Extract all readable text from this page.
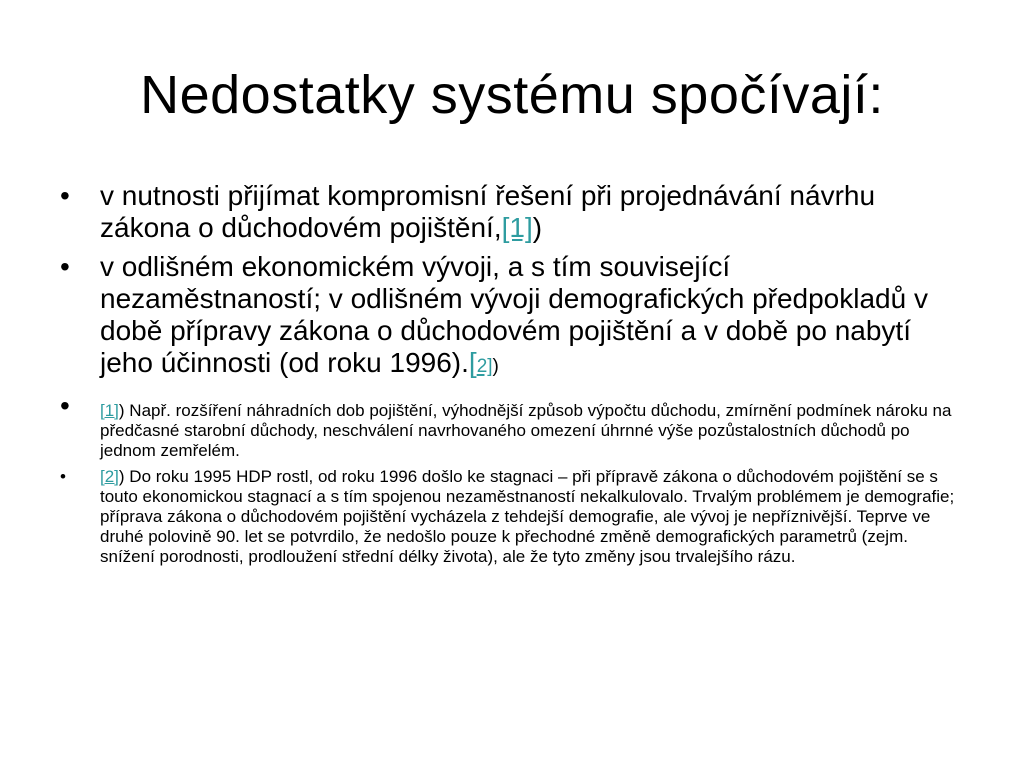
Nedostatky systému spočívají:
• v nutnosti přijímat kompromisní řešení při projednávání návrhu zákona o důchodovém pojištění,[1])
• v odlišném ekonomickém vývoji, a s tím související nezaměstnaností; v odlišném vývoji demografických předpokladů v době přípravy zákona o důchodovém pojištění a v době po nabytí jeho účinnosti (od roku 1996).[2])
• [1]) Např. rozšíření náhradních dob pojištění, výhodnější způsob výpočtu důchodu, zmírnění podmínek nároku na předčasné starobní důchody, neschválení navrhovaného omezení úhrnné výše pozůstalostních důchodů po jednom zemřelém.
• [2]) Do roku 1995 HDP rostl, od roku 1996 došlo ke stagnaci – při přípravě zákona o důchodovém pojištění se s touto ekonomickou stagnací a s tím spojenou nezaměstnaností nekalkulovalo. Trvalým problémem je demografie; příprava zákona o důchodovém pojištění vycházela z tehdejší demografie, ale vývoj je nepříznivější. Teprve ve druhé polovině 90. let se potvrdilo, že nedošlo pouze k přechodné změně demografických parametrů (zejm. snížení porodnosti, prodloužení střední délky života), ale že tyto změny jsou trvalejšího rázu.
